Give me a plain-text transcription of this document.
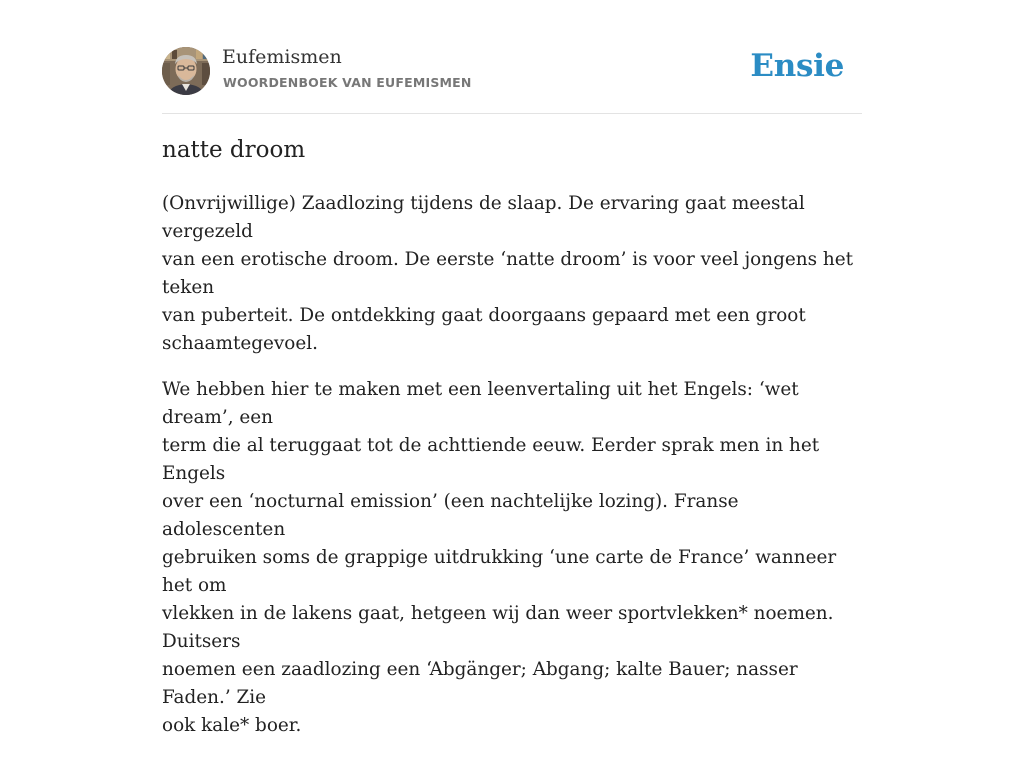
Eufemismen
WOORDENBOEK VAN EUFEMISMEN	Ensie
natte droom

(Onvrijwillige) Zaadlozing tijdens de slaap. De ervaring gaat meestal vergezeld
van een erotische droom. De eerste ‘natte droom’ is voor veel jongens het teken
van puberteit. De ontdekking gaat doorgaans gepaard met een groot
schaamtegevoel.

We hebben hier te maken met een leenvertaling uit het Engels: ‘wet dream’, een
term die al teruggaat tot de achttiende eeuw. Eerder sprak men in het Engels
over een ‘nocturnal emission’ (een nachtelijke lozing). Franse adolescenten
gebruiken soms de grappige uitdrukking ‘une carte de France’ wanneer het om
vlekken in de lakens gaat, hetgeen wij dan weer sportvlekken* noemen. Duitsers
noemen een zaadlozing een ‘Abgänger; Abgang; kalte Bauer; nasser Faden.’ Zie
ook kale* boer.
